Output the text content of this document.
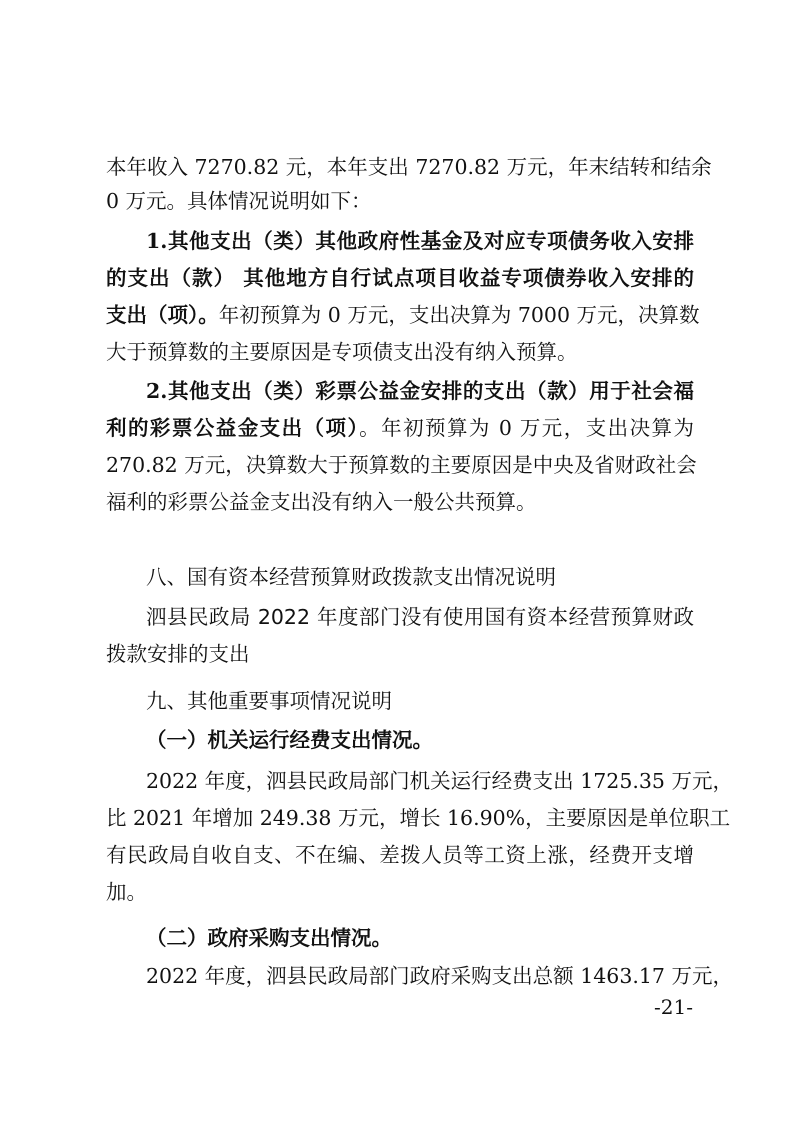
本年收入 7270.82 元，本年支出 7270.82 万元，年末结转和结余
0 万元。具体情况说明如下：
1.其他支出（类）其他政府性基金及对应专项债务收入安排
的支出（款） 其他地方自行试点项目收益专项债券收入安排的
支出（项）。年初预算为 0 万元，支出决算为 7000 万元，决算数
大于预算数的主要原因是专项债支出没有纳入预算。
2.其他支出（类）彩票公益金安排的支出（款）用于社会福
利的彩票公益金支出（项）。年初预算为 0 万元，支出决算为
270.82 万元，决算数大于预算数的主要原因是中央及省财政社会
福利的彩票公益金支出没有纳入一般公共预算。
八、国有资本经营预算财政拨款支出情况说明
泗县民政局 2022 年度部门没有使用国有资本经营预算财政
拨款安排的支出
九、其他重要事项情况说明
（一）机关运行经费支出情况。
2022 年度，泗县民政局部门机关运行经费支出 1725.35 万元，
比 2021 年增加 249.38 万元，增长 16.90%，主要原因是单位职工
有民政局自收自支、不在编、差拨人员等工资上涨，经费开支增
加。
（二）政府采购支出情况。
2022 年度，泗县民政局部门政府采购支出总额 1463.17 万元，
-21-
